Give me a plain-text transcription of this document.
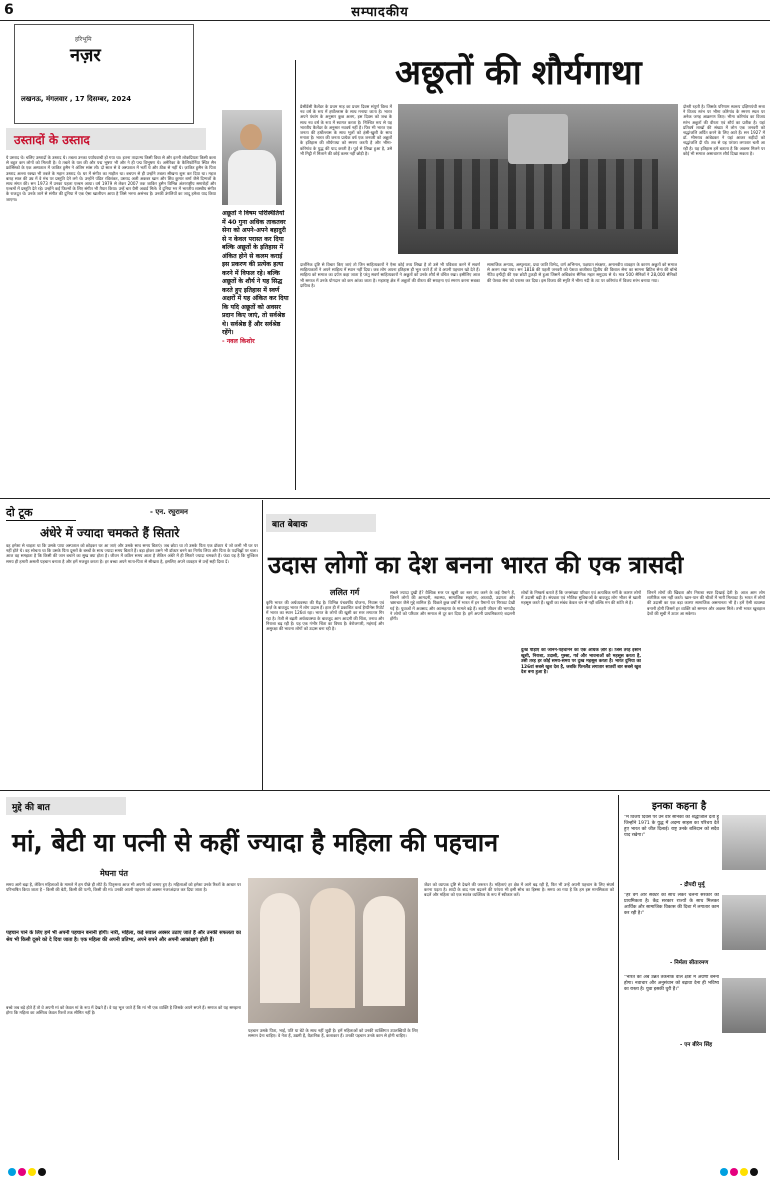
6	सम्पादकीय
हरिभूमि
नज़र
लखनऊ, मंगलवार , 17 दिसम्बर, 2024
उस्तादों के उस्ताद
ये उस्ताद थे। चलिए उस्तादों के उस्ताद थे। तबला उनका पर्यायवाची हो गया था। इतना तादात्म्य किसी विधा से और इतनी लोकप्रियता किसी कला से बहुत कम लोगों को मिलती है। वे तबले के यश की और पद्म भूषण भी और ने ही पद्म विभूषण थे। अमेरिका के कैलिफोर्निया स्थित सैन फ्रांसिस्को के एक अस्पताल में जाकिर हुसैन ने अंतिम सांस ली। दो साल से वे अस्पताल में भर्ती थे और ठीक से नहीं थे। ज़ाकिर हुसैन के पिता उस्ताद अल्ला रक्खा भी तबले के महान उस्ताद थे। घर में संगीत का माहौल था। बचपन से ही उन्होंने तबला सीखना शुरू कर दिया था। महज बारह साल की उम्र में वे मंच पर प्रस्तुति देने लगे थे। उन्होंने पंडित रविशंकर, उस्ताद अली अकबर खान और शिव कुमार शर्मा जैसे दिग्गजों के साथ संगत की। सन 1973 में उनका पहला एल्बम आया। वर्ष 1979 से लेकर 2007 तक जाकिर हुसैन विभिन्न अंतरराष्ट्रीय समारोहों और एल्बमों में प्रस्तुति देते रहे। उन्होंने कई फिल्मों के लिए संगीत भी तैयार किया। उन्हें चार ग्रैमी अवार्ड मिले। वे दुनिया भर में भारतीय शास्त्रीय संगीत के राजदूत थे। उनके जाने से संगीत की दुनिया में एक ऐसा खालीपन आया है जिसे भरना असंभव है। उनकी उंगलियों का जादू हमेशा याद किया जाएगा।
अछूतों ने विषम परिस्थितियों में 40 गुना अधिक ताकतवर सेना को अपने-अपने बहादुरी से न केवल परास्त कर दिया बल्कि अछूतों के इतिहास में अंकित होने से कलम कराई इस प्रकरण की प्रत्येक हत्या करने में विफल रहे। बल्कि अछूतों के शौर्य ने यह सिद्ध करते हुए इतिहास में स्वर्ण अक्षरों में यह अंकित कर दिया कि यदि अछूतों को अवसर प्रदान किए जाएं, तो सर्वश्रेष्ठ थे। सर्वश्रेष्ठ हैं और सर्वश्रेष्ठ रहेंगे।
- नवल किशोर
अछूतों की शौर्यगाथा
प्रेसीडेंसी कैलेंडर के प्रथम माह का प्रथम दिवस संपूर्ण विश्व में नव वर्ष के रूप में हर्षोल्लास के साथ मनाया जाता है। भारत अपने पंचांग के अनुसार कुछ अलग, इस दिवस को जश्न के साथ नव वर्ष के रूप में स्वागत करता है। निश्चित रूप से यह भारतीय कैलेंडर के अनुसार नववर्ष नहीं है। फिर भी भारत एक जनता की हर्षोल्लास के साथ भूलों को हंसी-ख़ुशी के साथ मनाता है। भारत की जनता प्रत्येक वर्ष एक जनवरी को अछूतों के इतिहास की शौर्यगाथा को स्मरण करती है और भीमा-कोरेगांव के युद्ध की याद करती है। पूर्व से लिखा हुआ है, उसे भी मिट्टी में मिलाने की कोई कसर नहीं छोड़ी है।
दोस्ती रहती है। जिसके परिणाम स्वरूप दक्षिणपंथी सत्ता ने विजय स्तंभ पर भीमा कोरेगांव के स्मरण स्थल पर अनेक जगह आक्रमण किए। भीमा कोरेगांव का विजय स्तंभ अछूतों की वीरता एवं शौर्य का प्रतीक है। यहां प्रतिवर्ष लाखों की संख्या में लोग एक जनवरी को श्रद्धांजलि अर्पित करने के लिए आते हैं। सन 1927 में डॉ. भीमराव आंबेडकर ने यहां आकर शहीदों को श्रद्धांजलि दी थी। तब से यह परंपरा लगातार चली आ रही है। यह इतिहास हमें बताता है कि अवसर मिलने पर कोई भी समाज असाधारण शौर्य दिखा सकता है।
दार्शनिक दृष्टि से विचार किए जाएं तो जिन साहित्यकारों ने ऐसा कोई तथ्य लिखा है तो उसे भी पवित्रता करने में सवर्ण साहित्यकारों ने अपने साहित्य में स्थान नहीं दिया। जब लोग अपना इतिहास ही भूल जाते हैं तो वे अपनी पहचान खो देते हैं। साहित्य को समाज का दर्पण कहा जाता है परंतु सवर्ण साहित्यकारों ने अछूतों को उनके शौर्य से वंचित रखा। इसीलिए आज भी समाज में उनके योगदान को कम आंका जाता है। महाराष्ट्र क्षेत्र में अछूतों की वीरता की सराहना एवं स्मरण करना सबका दायित्व है।
सामाजिक अन्याय, अस्पृश्यता, प्रथा जाति विभेद, वर्ण अभिमान, पक्षपात संरक्षण, अमानवीय व्यवहार के कारण अछूतों को समाज से अलग रखा गया। सन 1818 की पहली जनवरी को पेशवा बाजीराव द्वितीय की विशाल सेना का सामना ब्रिटिश सेना की बॉम्बे नेटिव इन्फैंट्री की एक छोटी टुकड़ी से हुआ जिसमें अधिकांश सैनिक महार समुदाय से थे। मात्र 500 सैनिकों ने 28,000 सैनिकों की पेशवा सेना को परास्त कर दिया। इस विजय की स्मृति में भीमा नदी के तट पर कोरेगांव में विजय स्तंभ बनाया गया।
दो टूक	- एन. रघुरामन
अंधेरे में ज्यादा चमकते हैं सितारे
वह हमेशा से चाहता था कि उसके पापा अस्पताल को छोड़कर घर आ जाएं और उसके साथ समय बिताएं। जब छोटा था तो उसके पिता एक डॉक्टर थे जो कभी भी घर पर नहीं होते थे। वह सोचता था कि उसके पिता दूसरों के बच्चों के साथ ज्यादा समय बिताते हैं। बड़ा होकर उसने भी डॉक्टर बनने का निर्णय लिया और पिता के पदचिह्नों पर चला। आज वह समझता है कि किसी की जान बचाने का सुख क्या होता है। जीवन में कठिन समय आता है लेकिन अंधेरे में ही सितारे ज्यादा चमकते हैं। फंडा यह है कि मुश्किल समय ही हमारी असली पहचान बनाता है और हमें मजबूत करता है। हर बच्चा अपने माता-पिता से सीखता है, इसलिए अपने व्यवहार से उन्हें सही दिशा दें।
बात बेबाक
उदास लोगों का देश बनना भारत की एक त्रासदी
ललित गर्ग
कृषि भारत की अर्थव्यवस्था की रीढ़ है। विभिन्न पंचवर्षीय योजना, निवास एवं कर्ज़ के बावजूद भारत में लोग उदास हैं। हाल ही में प्रकाशित वर्ल्ड हैप्पीनेस रिपोर्ट में भारत का स्थान 126वां रहा। भारत के लोगों की खुशी का स्तर लगातार गिर रहा है। तेजी से बढ़ती अर्थव्यवस्था के बावजूद आम आदमी की चिंता, तनाव और निराशा बढ़ रही है। यह एक गंभीर चिंता का विषय है। बेरोजगारी, महंगाई और असुरक्षा की भावना लोगों को उदास बना रही है।
सबसे ज्यादा दुखी है? वैश्विक स्तर पर खुशी का स्तर तय करने के कई पैमाने हैं, जिनमें लोगों की आमदनी, स्वास्थ्य, सामाजिक सहयोग, आजादी, उदारता और भ्रष्टाचार जैसे मुद्दे शामिल हैं। पिछले कुछ वर्षों में भारत में इन पैमानों पर गिरावट देखी गई है। युवाओं में अवसाद और आत्महत्या के मामले बढ़े हैं। शहरी जीवन की भागदौड़ ने लोगों को परिवार और समाज से दूर कर दिया है। हमें अपनी प्राथमिकताएं बदलनी होंगी।
शोधों के निष्कर्ष बताते हैं कि जनसंख्या परिवार एवं अत्यधिक गर्मी के कारण लोगों में उदासी बढ़ी है। संपन्नता एवं भौतिक सुविधाओं के बावजूद लोग भीतर से खाली महसूस करते हैं। खुशी का संबंध केवल धन से नहीं बल्कि मन की शांति से है।
दुःख पीड़ाएं को जानने-पहचानने का एक अधिक ज़ोर है। जिस तरह इंसान खुशी, निराशा, उदासी, गुस्सा, गर्व और भावनाओं को महसूस करता है, उसी तरह हर कोई समय-समय पर दुःख महसूस करता है। भारत दुनिया का 126वां सबसे खुश देश है, जबकि फिनलैंड लगातार सातवीं बार सबसे खुश देश बना हुआ है।
जिनमें लोगों की खिन्नता और निराशा स्पष्ट दिखाई देती है। आज आम लोग शारीरिक श्रम नहीं करते। खान-पान की चीजों में भारी मिलावट है। भारत में लोगों की उदासी का एक बड़ा कारण सामाजिक असमानता भी है। हमें ऐसी व्यवस्था बनानी होगी जिसमें हर व्यक्ति को सम्मान और अवसर मिले। तभी भारत खुशहाल देशों की सूची में ऊपर आ सकेगा।
मुद्दे की बात
मां, बेटी या पत्नी से कहीं ज्यादा है महिला की पहचान
मेघना पंत
समय आगे बढ़ा है, लेकिन महिलाओं के मामले में हम पीछे ही लौटे हैं। पितृसत्ता आज भी अपनी जड़ें जमाए हुए है। महिलाओं को हमेशा उनके रिश्तों के आधार पर परिभाषित किया जाता है - किसी की बेटी, किसी की पत्नी, किसी की मां। उनकी अपनी पहचान को अक्सर नजरअंदाज कर दिया जाता है।
पहचान पाने के लिए हमें भी अपनी पहचान बनानी होगी। नारी, महिला, कई सवाल अक्सर उठाए जाते हैं और उनकी सफलता का श्रेय भी किसी दूसरे को दे दिया जाता है। एक महिला की अपनी प्रतिभा, अपने सपने और अपनी आकांक्षाएं होती हैं।
बच्चे जब बड़े होते हैं तो वे अपनी मां को केवल मां के रूप में देखते हैं। वे यह भूल जाते हैं कि मां भी एक व्यक्ति है जिसके अपने सपने हैं। समाज को यह समझना होगा कि महिला का अस्तित्व केवल रिश्तों तक सीमित नहीं है।
पहचान उसके पिता, भाई, पति या बेटे के साथ नहीं जुड़ी है। हमें महिलाओं को उनकी व्यक्तिगत उपलब्धियों के लिए सम्मान देना चाहिए। वे नेता हैं, उद्यमी हैं, वैज्ञानिक हैं, कलाकार हैं। उनकी पहचान उनके काम से होनी चाहिए।
जेंडर को व्यापक दृष्टि से देखने की जरूरत है। महिलाएं हर क्षेत्र में आगे बढ़ रही हैं, फिर भी उन्हें अपनी पहचान के लिए संघर्ष करना पड़ता है। शादी के बाद नाम बदलने की परंपरा भी इसी सोच का हिस्सा है। समय आ गया है कि हम इस मानसिकता को बदलें और महिला को एक स्वतंत्र व्यक्तित्व के रूप में स्वीकार करें।
इनका कहना है
"मैं विजय दिवस पर उन वीर सैनिकों को श्रद्धांजलि देती हूं जिन्होंने 1971 के युद्ध में अदम्य साहस का परिचय देते हुए भारत को जीत दिलाई। राष्ट्र उनके बलिदान को सदैव याद रखेगा।"
- द्रौपदी मुर्मू
"हर वर्ग और सेक्टर को साथ लेकर चलना सरकार की प्राथमिकता है। केंद्र सरकार राज्यों के साथ मिलकर आर्थिक और सामाजिक विकास की दिशा में लगातार काम कर रही है।"
- निर्मला सीतारमण
"भारत को अब उन्नत तकनीक वाले क्षेत्रों में अग्रणी बनना होगा। नवाचार और अनुसंधान को बढ़ावा देना ही भविष्य का रास्ता है। युवा इसकी धुरी हैं।"
- एन बीरेन सिंह
